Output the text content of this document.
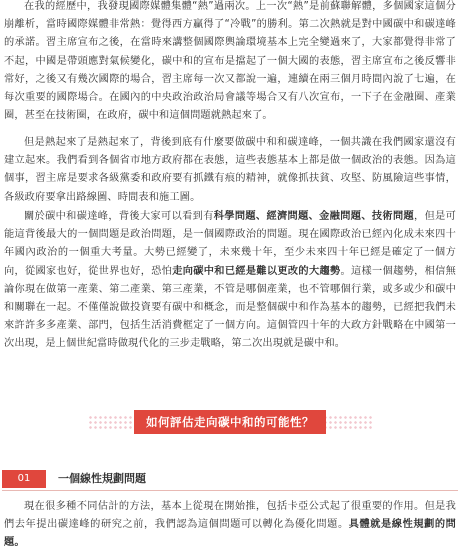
在我的經歷中，我發現國際媒體集體“熱”過兩次。上一次“熱”是前蘇聯解體，多個國家這個分崩離析，當時國際媒體非常熱：覺得西方贏得了“冷戰”的勝利。第二次熱就是對中國碳中和碳達峰的承諾。習主席宣布之後，在當時來講整個國際輿論環境基本上完全變過來了，大家都覺得非常了不起，中國是帶頭應對氣候變化，碳中和的宣布是擋起了一個大國的表態，習主席宣布之後反響非常好，之後又有幾次國際的場合，習主席每一次又都說一遍，連續在兩三個月時間內說了七遍，在每次重要的國際場合。在國內的中央政治政治局會議等場合又有八次宣布，一下子在金融圈、產業圈，甚至在技術圈，在政府，碳中和這個問題就熱起來了。

但是熱起來了是熱起來了，背後到底有什麼要做碳中和和碳達峰，一個共識在我們國家還沒有建立起來。我們看到各個省市地方政府都在表態，這些表態基本上都是做一個政治的表態。因為這個事，習主席是要求各級黨委和政府要有抓鐵有痕的精神，就像抓扶貧、攻堅、防風險這些事情，各級政府要拿出路線圖、時間表和施工圖。

關於碳中和碳達峰，背後大家可以看到有科學問題、經濟問題、金融問題、技術問題，但是可能這背後最大的一個問題是政治問題，是一個國際政治的問題。現在國際政治已經內化成未來四十年國內政治的一個重大考量。大勢已經變了，未來幾十年，至少未來四十年已經是確定了一個方向，從國家也好，從世界也好，恐怕走向碳中和已經是難以更改的大趨勢。這樣一個趨勢，相信無論你現在做第一產業、第二產業、第三產業，不管是哪個產業，也不管哪個行業，或多或少和碳中和關聯在一起。不僅僅說做投資要有碳中和概念，而是整個碳中和作為基本的趨勢，已經把我們未來許許多多產業、部門，包括生活消費框定了一個方向。這個管四十年的大政方針戰略在中國第一次出現，是上個世紀當時做現代化的三步走戰略，第二次出現就是碳中和。

如何評估走向碳中和的可能性？
01	一個線性規劃問題

現在很多種不同估計的方法，基本上從現在開始推，包括卡亞公式起了很重要的作用。但是我們去年提出碳達峰的研究之前，我們認為這個問題可以轉化為優化問題。具體就是線性規劃的問題。
